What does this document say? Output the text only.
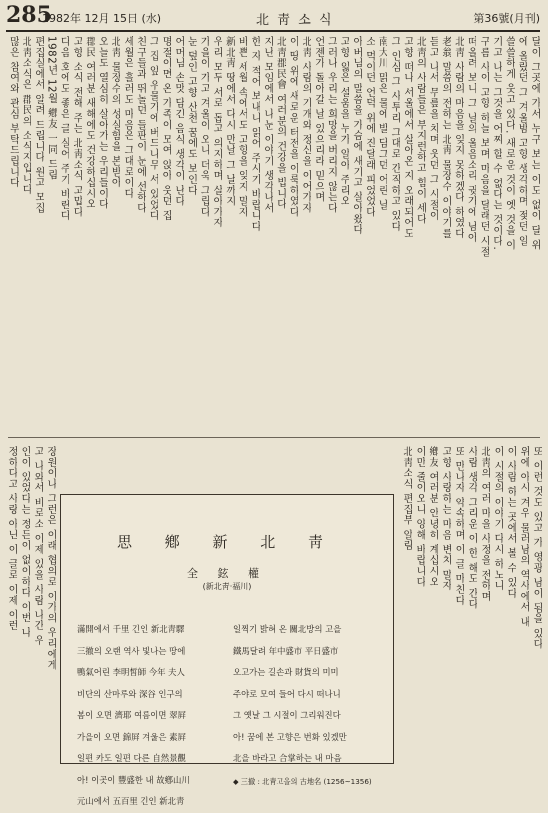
285
1982年 12月 15日 (水)	北 靑 소 식	第36號(月刊)
달이 그곳에 가서 누구 보는 이도 없이 달 위
에 올랐던 그 겨울밤 고향 생각하며 젖던 일
쓸쓸하게 웃고 있다. 새로운 것이 옛 것을 이
기고 나는 그것을 어찌 할 수 없다는 것이다.
구름 사이 고향 하늘 보며 마음을 달래던 시절
떠올려 보니 그 날의 울음소리 귓가에 남아
北靑 사람의 마음을 잊지 못하겠다 하였다
老翁 말씀의 전하는 北靑 물장수 이야기를
듣고 나서 무릎을 치며 웃던 그 시절이
北靑의 사람들은 부지런하고 힘이 세다
고향 떠나 서울에서 살아온 지 오래되어도
그 인심 그 사투리 그대로 간직하고 있다
南大川 맑은 물에 발 담그던 어린 날
소 먹이던 언덕 위에 진달래 피었었다
아버님의 말씀을 가슴에 새기고 살아왔다
고향 잃은 설움을 누가 알아 주리오
그러나 우리는 희망을 버리지 않는다
언젠가 돌아갈 날 있으리라 믿으며
北靑 사람의 기개와 정신을 이어가자
이 땅 위에 새로운 터전을 이룩하였다
北靑郡民會 여러분의 건강을 빕니다
지난 모임에서 나눈 이야기 생각나서
한 자 적어 보내니 읽어 주시기 바랍니다
바쁜 세월 속에서도 고향을 잊지 말자
新北靑 땅에서 다시 만날 그 날까지
우리 모두 서로 돕고 의지하며 살아가자
가을이 가고 겨울이 오니 더욱 그립다
눈 덮인 고향 산천 꿈에도 보인다
어머님 손맛 담긴 음식 생각이 난다
명절이면 온 가족이 모여 앉아 웃던 집
그 집 앞 우물가에 버드나무 서 있었다
친구들과 뛰놀던 들판이 눈에 선하다
세월은 흘러도 마음은 그대로이다
北靑 물장수의 성실함을 본받아
오늘도 열심히 살아가는 우리들이다
郡民 여러분 새해에도 건강하십시오
고향 소식 전해 주는 北靑소식 고맙다
다음 호에도 좋은 글 실어 주기 바란다
1982년 12월 鄕友 一同 드림
편집실에서 알려 드립니다 원고 모집
北靑소식은 郡民의 소식지입니다
많은 참여와 관심 부탁드립니다
또 이런 것도 있고 가 영광 남이 됨을 있다
위에 아시 겨우 물러남의 역사에서 내
이 사람 하는 곳에서 볼 수 있다
이 시절의 이야기 다시 하노니
北靑의 여러 마을 사정을 전하며
사람 생각 그리운 이 한 해도 간다
또 만나자 약속하며 이 글 마친다
고향 사랑하는 마음 변치 말자
鄕友 여러분 안녕히 계십시오
이만 줄이오니 양해 바랍니다
北靑소식 편집부 알림
장원이나 그런은 이래 협의로 이가의 우리에게
고 나와서 비로소 이제 있을 사람 나간 우
인이 있었다는 정든이 없이하다 이번 나
정하다고 사랑 아닌 이 글로 이제 이런	思 鄕 新 北 靑
全 鉉 權
(新北靑·福川)
滿開에서 千里 긴인 新北靑驛
三撤의 오랜 역사 빛나는 땅에
鴨氣어린 李明皙師 今年 夫人
비단의 산마루와 深谷 인구의
봄이 오면 濟耶 여름이면 翠屛
가을이 오면 錦屛 겨울은 素屛
일편 카도 일편 다른 自然景觀
아! 이곳이 豐盛한 내 故鄕山川
元山에서 五百里 긴인 新北靑
일찍기 밝혀 온 關北방의 고을
鐵馬달려 年中盛市 平日盛市
오고가는 길손과 財貨의 미미
주야로 모여 들어 다시 떠나니
그 옛날 그 시절이 그리워진다
아! 꿈에 본 고향은 번화 있겠만
北을 바라고 合掌하는 내 마음
◆ 三撤 : 北靑고을의 古地名 (1256~1356)
